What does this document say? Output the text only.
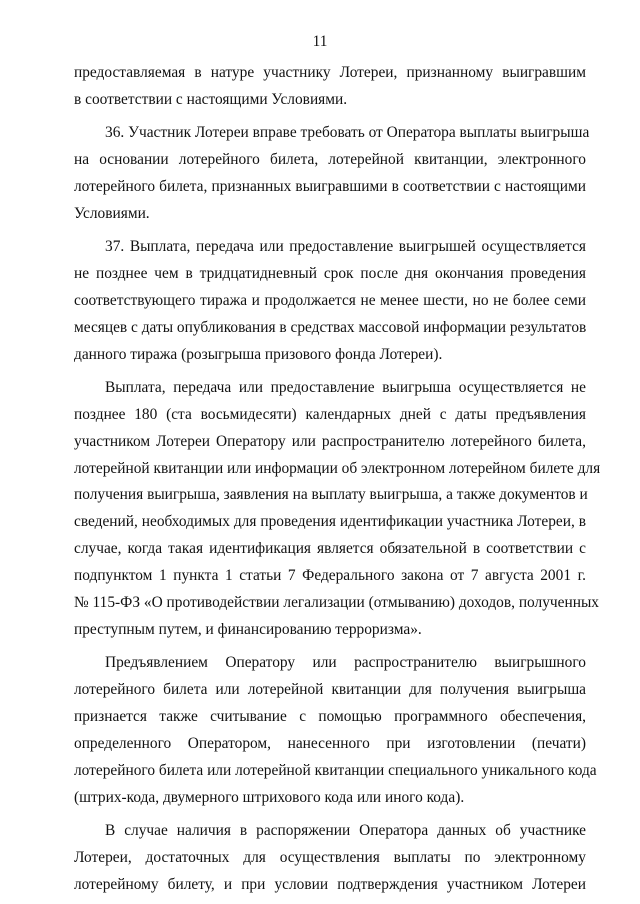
11
предоставляемая в натуре участнику Лотереи, признанному выигравшим
в соответствии с настоящими Условиями.
36. Участник Лотереи вправе требовать от Оператора выплаты выигрыша
на основании лотерейного билета, лотерейной квитанции, электронного
лотерейного билета, признанных выигравшими в соответствии с настоящими
Условиями.
37. Выплата, передача или предоставление выигрышей осуществляется
не позднее чем в тридцатидневный срок после дня окончания проведения
соответствующего тиража и продолжается не менее шести, но не более семи
месяцев с даты опубликования в средствах массовой информации результатов
данного тиража (розыгрыша призового фонда Лотереи).
Выплата, передача или предоставление выигрыша осуществляется не
позднее 180 (ста восьмидесяти) календарных дней с даты предъявления
участником Лотереи Оператору или распространителю лотерейного билета,
лотерейной квитанции или информации об электронном лотерейном билете для
получения выигрыша, заявления на выплату выигрыша, а также документов и
сведений, необходимых для проведения идентификации участника Лотереи, в
случае, когда такая идентификация является обязательной в соответствии с
подпунктом 1 пункта 1 статьи 7 Федерального закона от 7 августа 2001 г.
№ 115-ФЗ «О противодействии легализации (отмыванию) доходов, полученных
преступным путем, и финансированию терроризма».
Предъявлением Оператору или распространителю выигрышного
лотерейного билета или лотерейной квитанции для получения выигрыша
признается также считывание с помощью программного обеспечения,
определенного Оператором, нанесенного при изготовлении (печати)
лотерейного билета или лотерейной квитанции специального уникального кода
(штрих-кода, двумерного штрихового кода или иного кода).
В случае наличия в распоряжении Оператора данных об участнике
Лотереи, достаточных для осуществления выплаты по электронному
лотерейному билету, и при условии подтверждения участником Лотереи
